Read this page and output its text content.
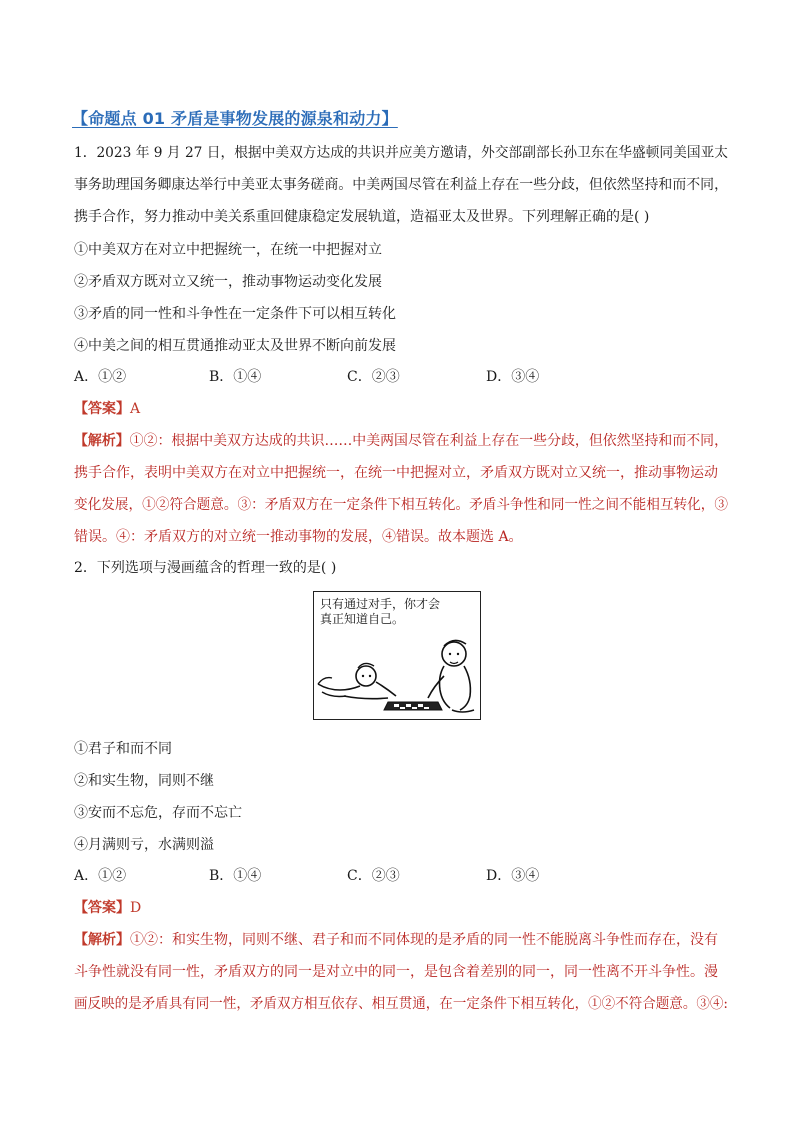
【命题点 01 矛盾是事物发展的源泉和动力】
1．2023 年 9 月 27 日，根据中美双方达成的共识并应美方邀请，外交部副部长孙卫东在华盛顿同美国亚太
事务助理国务卿康达举行中美亚太事务磋商。中美两国尽管在利益上存在一些分歧，但依然坚持和而不同，
携手合作，努力推动中美关系重回健康稳定发展轨道，造福亚太及世界。下列理解正确的是( )
①中美双方在对立中把握统一，在统一中把握对立
②矛盾双方既对立又统一，推动事物运动变化发展
③矛盾的同一性和斗争性在一定条件下可以相互转化
④中美之间的相互贯通推动亚太及世界不断向前发展
A．①②	B．①④	C．②③	D．③④
【答案】A
【解析】①②：根据中美双方达成的共识……中美两国尽管在利益上存在一些分歧，但依然坚持和而不同，
携手合作，表明中美双方在对立中把握统一，在统一中把握对立，矛盾双方既对立又统一，推动事物运动
变化发展，①②符合题意。③：矛盾双方在一定条件下相互转化。矛盾斗争性和同一性之间不能相互转化，③
错误。④：矛盾双方的对立统一推动事物的发展，④错误。故本题选 A。
2．下列选项与漫画蕴含的哲理一致的是( )
只有通过对手，你才会真正知道自己。
①君子和而不同
②和实生物，同则不继
③安而不忘危，存而不忘亡
④月满则亏，水满则溢
A．①②	B．①④	C．②③	D．③④
【答案】D
【解析】①②：和实生物，同则不继、君子和而不同体现的是矛盾的同一性不能脱离斗争性而存在，没有
斗争性就没有同一性，矛盾双方的同一是对立中的同一，是包含着差别的同一，同一性离不开斗争性。漫
画反映的是矛盾具有同一性，矛盾双方相互依存、相互贯通，在一定条件下相互转化，①②不符合题意。③④:
